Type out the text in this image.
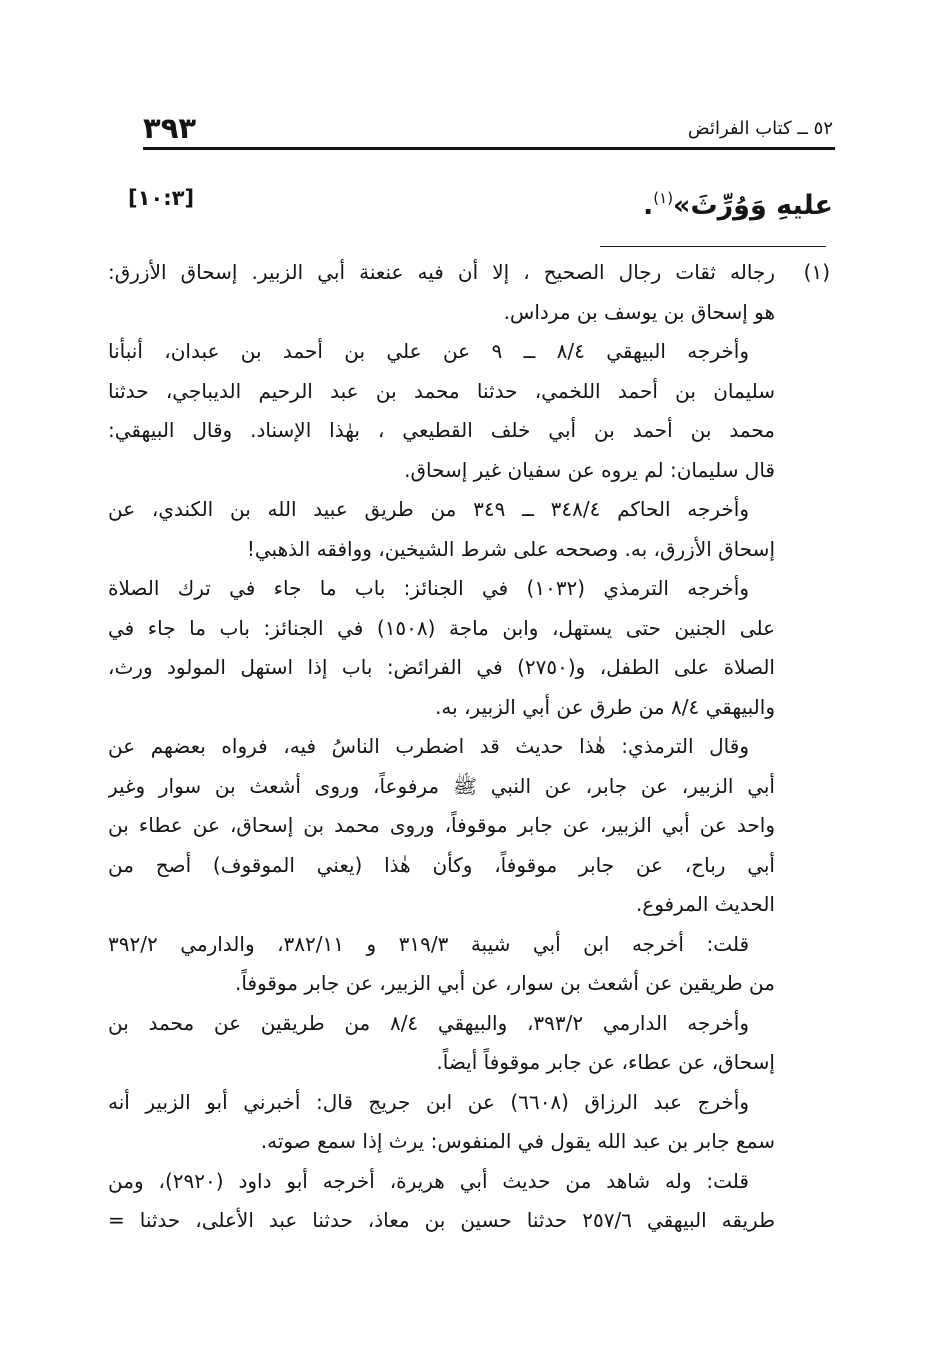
٣٩٣	٥٢ ــ كتاب الفرائض
عليهِ وَوُرِّثَ»$^{(١)}$.
[١٠:٣]
(١)
رجاله ثقات رجال الصحيح ، إلا أن فيه عنعنة أبي الزبير. إسحاق الأزرق:
هو إسحاق بن يوسف بن مرداس.
وأخرجه البيهقي ٨/٤ ــ ٩ عن علي بن أحمد بن عبدان، أنبأنا
سليمان بن أحمد اللخمي، حدثنا محمد بن عبد الرحيم الديباجي، حدثنا
محمد بن أحمد بن أبي خلف القطيعي ، بهٰذا الإسناد. وقال البيهقي:
قال سليمان: لم يروه عن سفيان غير إسحاق.
وأخرجه الحاكم ٣٤٨/٤ ــ ٣٤٩ من طريق عبيد الله بن الكندي، عن
إسحاق الأزرق، به. وصححه على شرط الشيخين، ووافقه الذهبي!
وأخرجه الترمذي (١٠٣٢) في الجنائز: باب ما جاء في ترك الصلاة
على الجنين حتى يستهل، وابن ماجة (١٥٠٨) في الجنائز: باب ما جاء في
الصلاة على الطفل، و(٢٧٥٠) في الفرائض: باب إذا استهل المولود ورث،
والبيهقي ٨/٤ من طرق عن أبي الزبير، به.
وقال الترمذي: هٰذا حديث قد اضطرب الناسُ فيه، فرواه بعضهم عن
أبي الزبير، عن جابر، عن النبي ﷺ مرفوعاً، وروى أشعث بن سوار وغير
واحد عن أبي الزبير، عن جابر موقوفاً، وروى محمد بن إسحاق، عن عطاء بن
أبي رباح، عن جابر موقوفاً، وكأن هٰذا (يعني الموقوف) أصح من
الحديث المرفوع.
قلت: أخرجه ابن أبي شيبة ٣١٩/٣ و ٣٨٢/١١، والدارمي ٣٩٢/٢
من طريقين عن أشعث بن سوار، عن أبي الزبير، عن جابر موقوفاً.
وأخرجه الدارمي ٣٩٣/٢، والبيهقي ٨/٤ من طريقين عن محمد بن
إسحاق، عن عطاء، عن جابر موقوفاً أيضاً.
وأخرج عبد الرزاق (٦٦٠٨) عن ابن جريج قال: أخبرني أبو الزبير أنه
سمع جابر بن عبد الله يقول في المنفوس: يرث إذا سمع صوته.
قلت: وله شاهد من حديث أبي هريرة، أخرجه أبو داود (٢٩٢٠)، ومن
طريقه البيهقي ٢٥٧/٦ حدثنا حسين بن معاذ، حدثنا عبد الأعلى، حدثنا =
